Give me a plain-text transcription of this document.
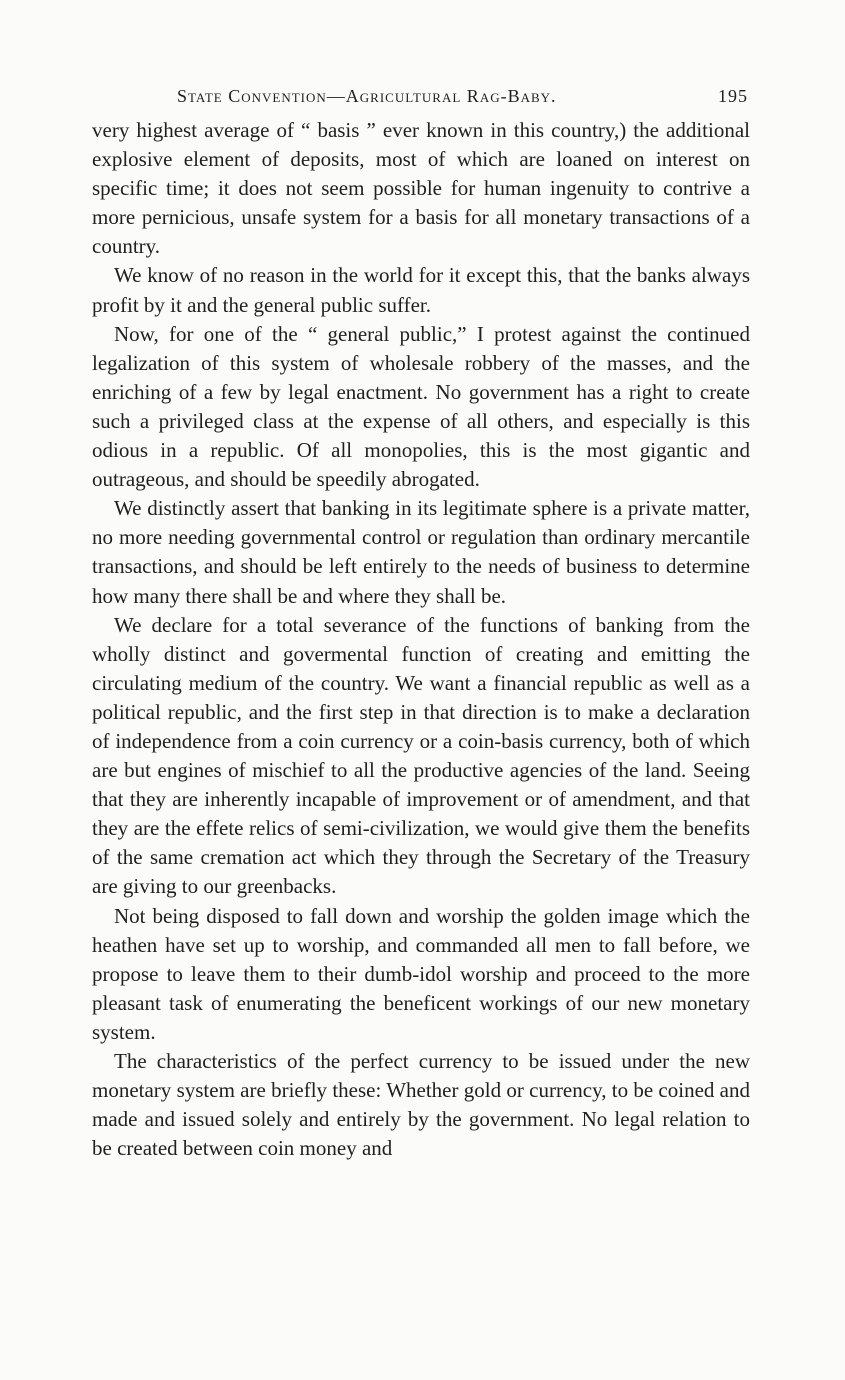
State Convention—Agricultural Rag-Baby.	195

very highest average of “ basis ” ever known in this country,) the additional explosive element of deposits, most of which are loaned on interest on specific time; it does not seem possible for human ingenuity to contrive a more pernicious, unsafe system for a basis for all monetary transactions of a country.

We know of no reason in the world for it except this, that the banks always profit by it and the general public suffer.

Now, for one of the “ general public,” I protest against the continued legalization of this system of wholesale robbery of the masses, and the enriching of a few by legal enactment. No government has a right to create such a privileged class at the expense of all others, and especially is this odious in a republic. Of all monopolies, this is the most gigantic and outrageous, and should be speedily abrogated.

We distinctly assert that banking in its legitimate sphere is a private matter, no more needing governmental control or regulation than ordinary mercantile transactions, and should be left entirely to the needs of business to determine how many there shall be and where they shall be.

We declare for a total severance of the functions of banking from the wholly distinct and govermental function of creating and emitting the circulating medium of the country. We want a financial republic as well as a political republic, and the first step in that direction is to make a declaration of independence from a coin currency or a coin-basis currency, both of which are but engines of mischief to all the productive agencies of the land. Seeing that they are inherently incapable of improvement or of amendment, and that they are the effete relics of semi-civilization, we would give them the benefits of the same cremation act which they through the Secretary of the Treasury are giving to our greenbacks.

Not being disposed to fall down and worship the golden image which the heathen have set up to worship, and commanded all men to fall before, we propose to leave them to their dumb-idol worship and proceed to the more pleasant task of enumerating the beneficent workings of our new monetary system.

The characteristics of the perfect currency to be issued under the new monetary system are briefly these: Whether gold or currency, to be coined and made and issued solely and entirely by the government. No legal relation to be created between coin money and
